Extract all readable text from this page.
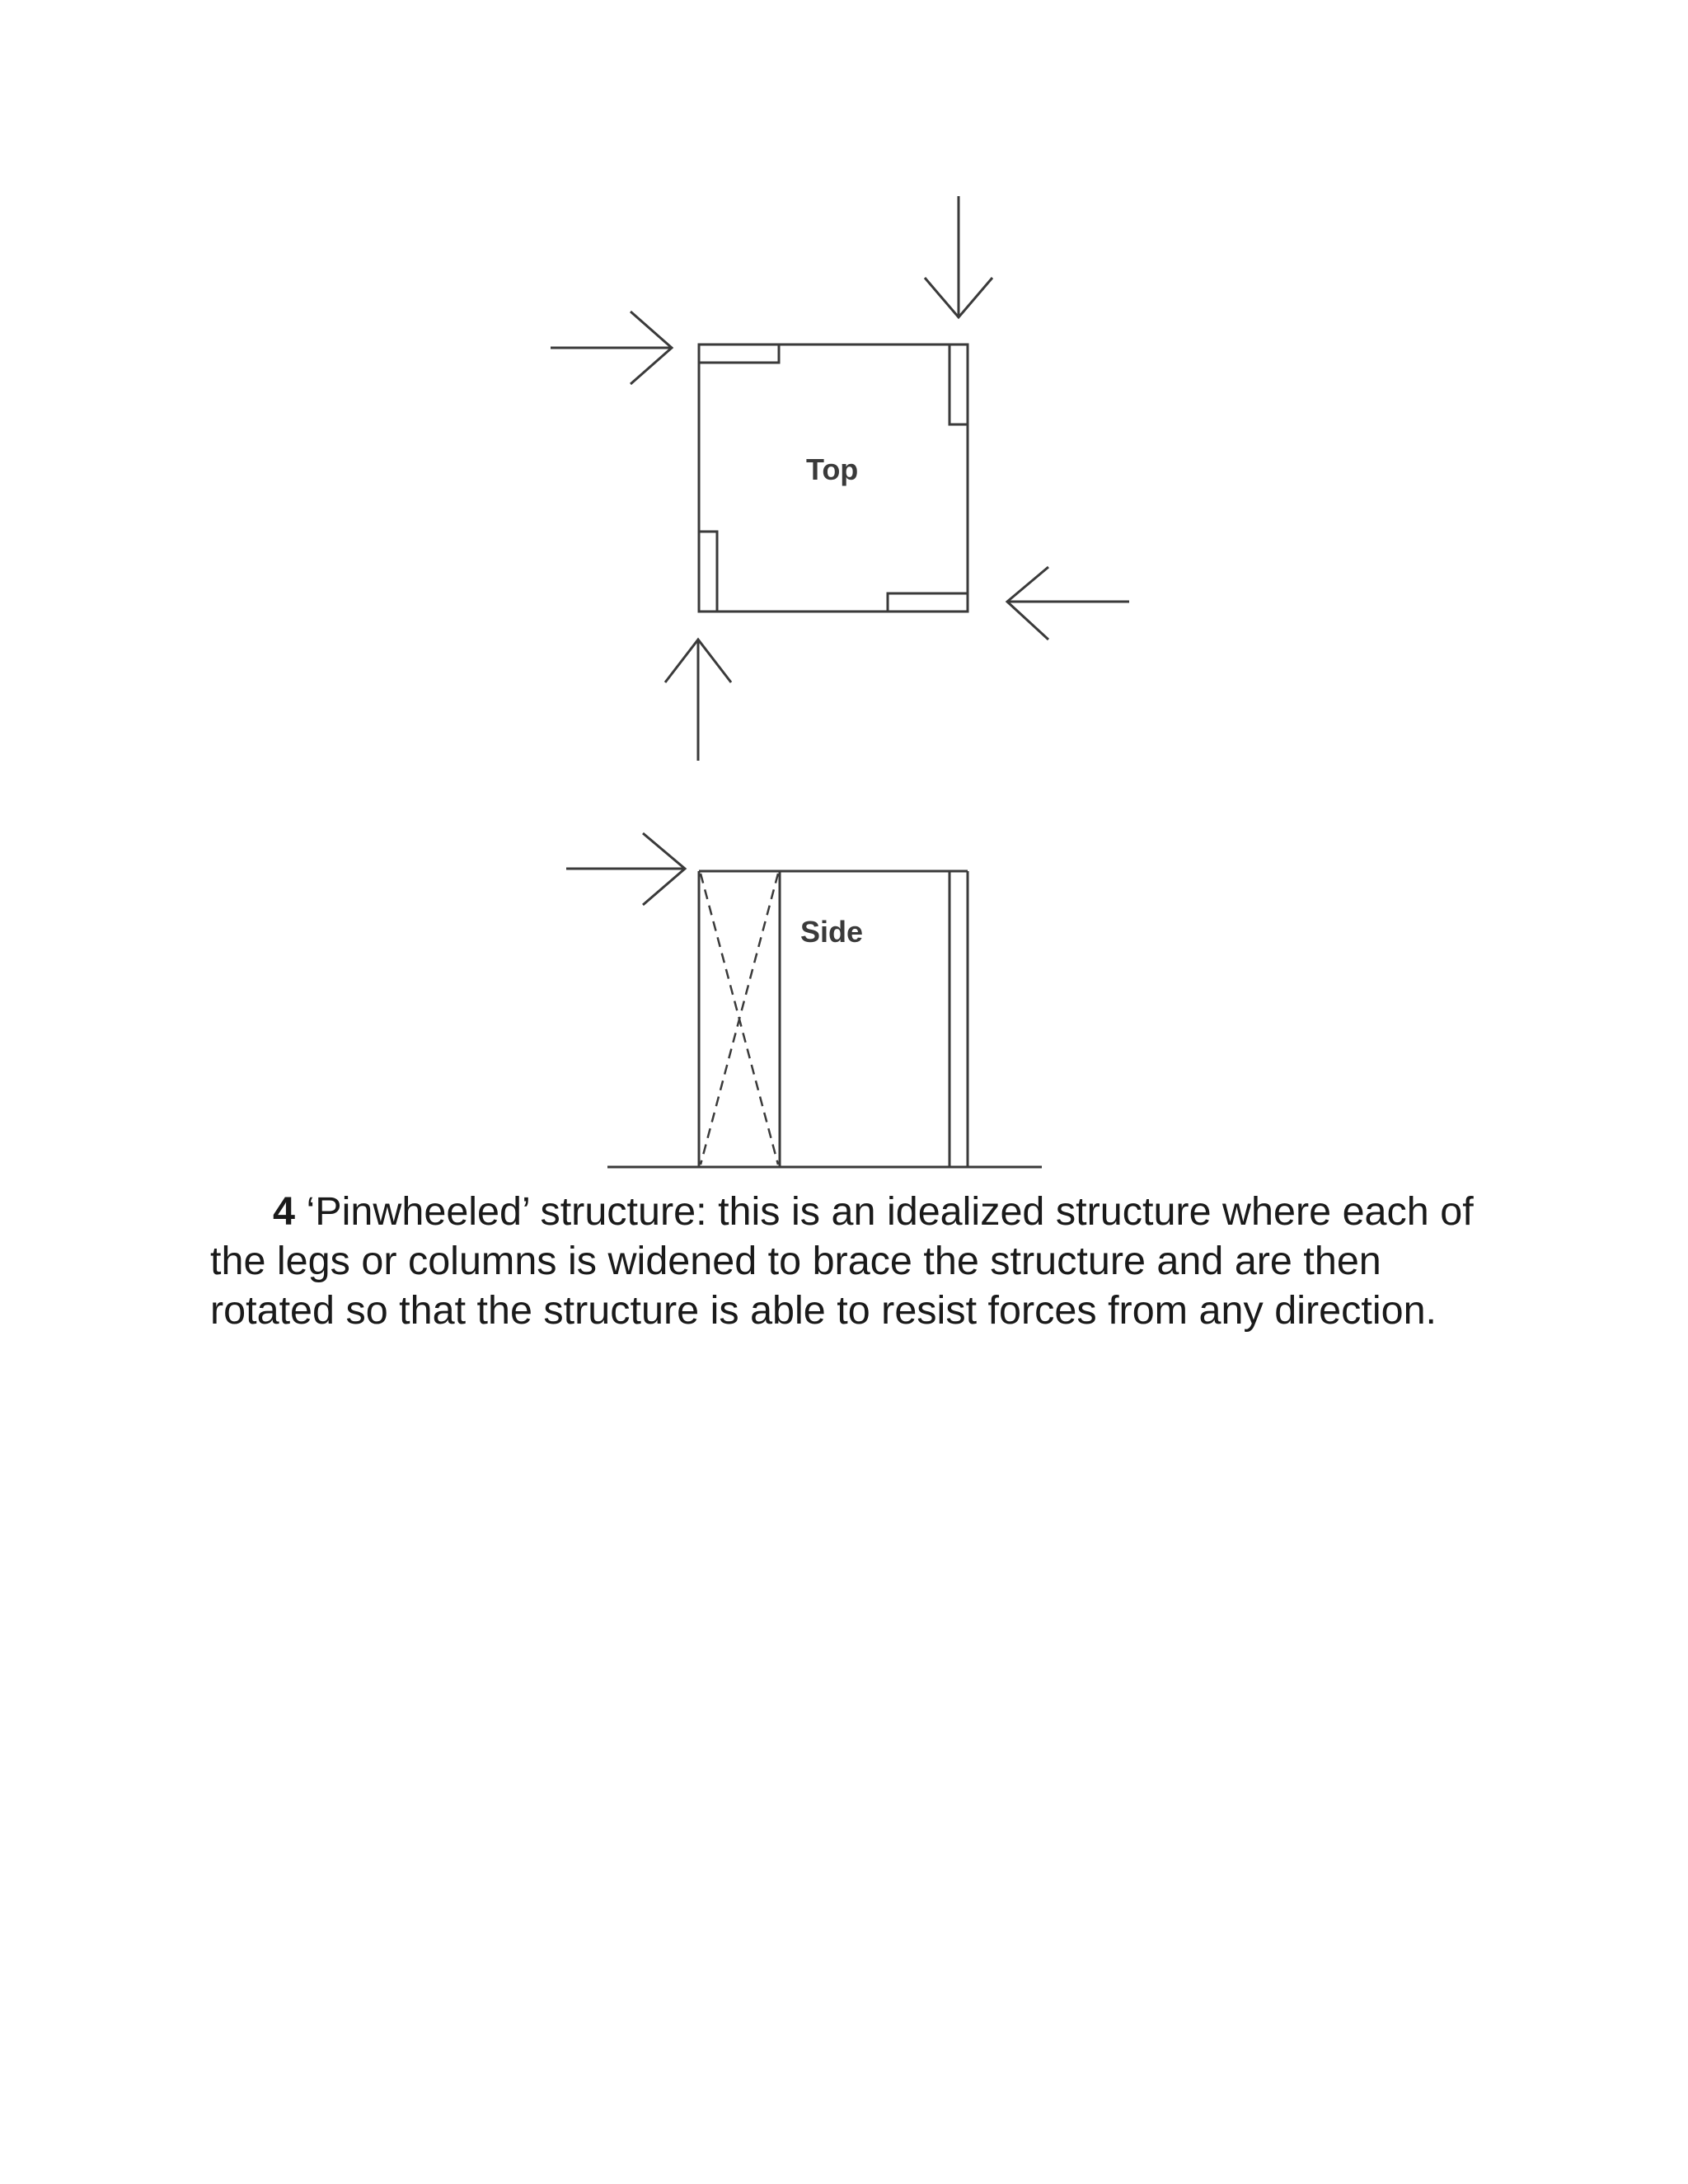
Top
Side

4 ‘Pinwheeled’ structure: this is an idealized structure where each of the legs or columns is widened to brace the structure and are then rotated so that the structure is able to resist forces from any direction.
